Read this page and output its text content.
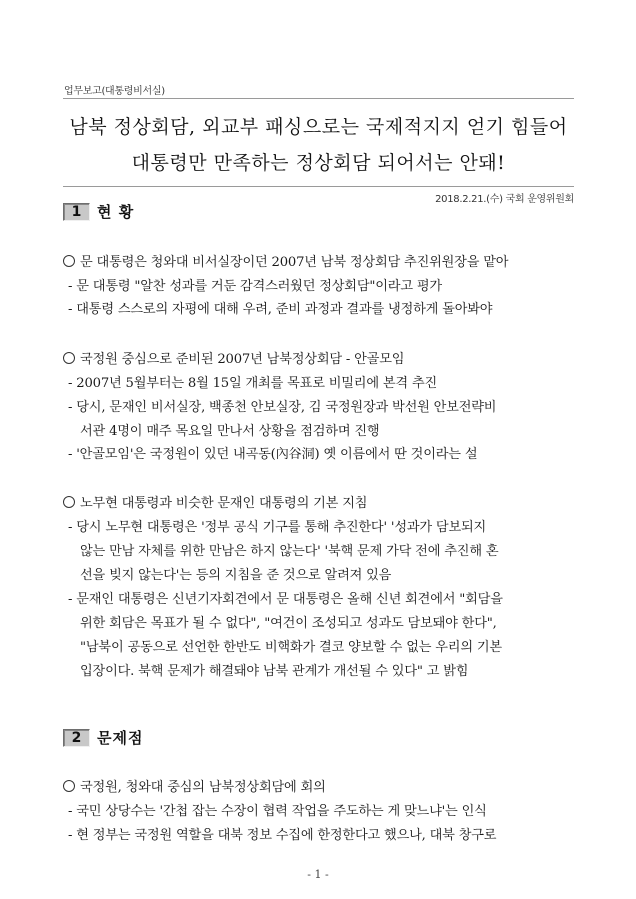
업무보고(대통령비서실)
남북 정상회담, 외교부 패싱으로는 국제적지지 얻기 힘들어
대통령만 만족하는 정상회담 되어서는 안돼!
2018.2.21.(수) 국회 운영위원회
1	현 황
문 대통령은 청와대 비서실장이던 2007년 남북 정상회담 추진위원장을 맡아
- 문 대통령 "알찬 성과를 거둔 감격스러웠던 정상회담"이라고 평가
- 대통령 스스로의 자평에 대해 우려, 준비 과정과 결과를 냉정하게 돌아봐야
국정원 중심으로 준비된 2007년 남북정상회담 - 안골모임
- 2007년 5월부터는 8월 15일 개최를 목표로 비밀리에 본격 추진
- 당시, 문재인 비서실장, 백종천 안보실장, 김 국정원장과 박선원 안보전략비
서관 4명이 매주 목요일 만나서 상황을 점검하며 진행
- '안골모임'은 국정원이 있던 내곡동(內谷洞) 옛 이름에서 딴 것이라는 설
노무현 대통령과 비슷한 문재인 대통령의 기본 지침
- 당시 노무현 대통령은 '정부 공식 기구를 통해 추진한다' '성과가 담보되지
않는 만남 자체를 위한 만남은 하지 않는다' '북핵 문제 가닥 전에 추진해 혼
선을 빚지 않는다'는 등의 지침을 준 것으로 알려져 있음
- 문재인 대통령은 신년기자회견에서 문 대통령은 올해 신년 회견에서 "회담을
위한 회담은 목표가 될 수 없다", "여건이 조성되고 성과도 담보돼야 한다",
"남북이 공동으로 선언한 한반도 비핵화가 결코 양보할 수 없는 우리의 기본
입장이다. 북핵 문제가 해결돼야 남북 관계가 개선될 수 있다" 고 밝힘
2	문제점
국정원, 청와대 중심의 남북정상회담에 회의
- 국민 상당수는 '간첩 잡는 수장이 협력 작업을 주도하는 게 맞느냐'는 인식
- 현 정부는 국정원 역할을 대북 정보 수집에 한정한다고 했으나, 대북 창구로
- 1 -
